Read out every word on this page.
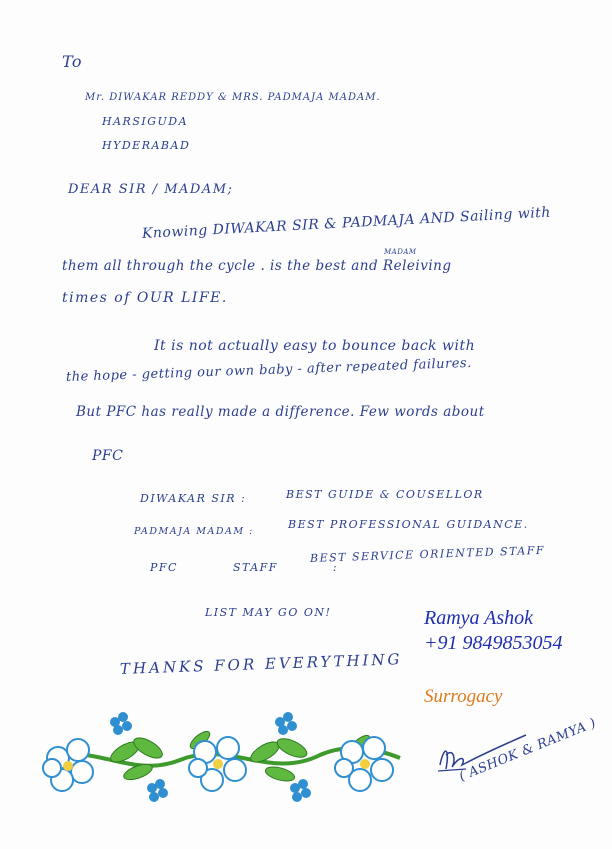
To
Mr. DIWAKAR REDDY & MRS. PADMAJA MADAM.
HARSIGUDA
HYDERABAD
DEAR SIR / MADAM;
Knowing DIWAKAR SIR & PADMAJA AND Sailing with
MADAM
them all through the cycle . is the best and Releiving
times of OUR LIFE.
It is not actually easy to bounce back with
the hope - getting our own baby - after repeated failures.
But PFC has really made a difference. Few words about
PFC
DIWAKAR SIR :	BEST GUIDE & COUSELLOR
PADMAJA MADAM :
BEST PROFESSIONAL GUIDANCE.
PFC STAFF :
BEST SERVICE ORIENTED STAFF
LIST MAY GO ON!
THANKS FOR EVERYTHING
Ramya Ashok
+91 9849853054
Surrogacy
( ASHOK & RAMYA )
